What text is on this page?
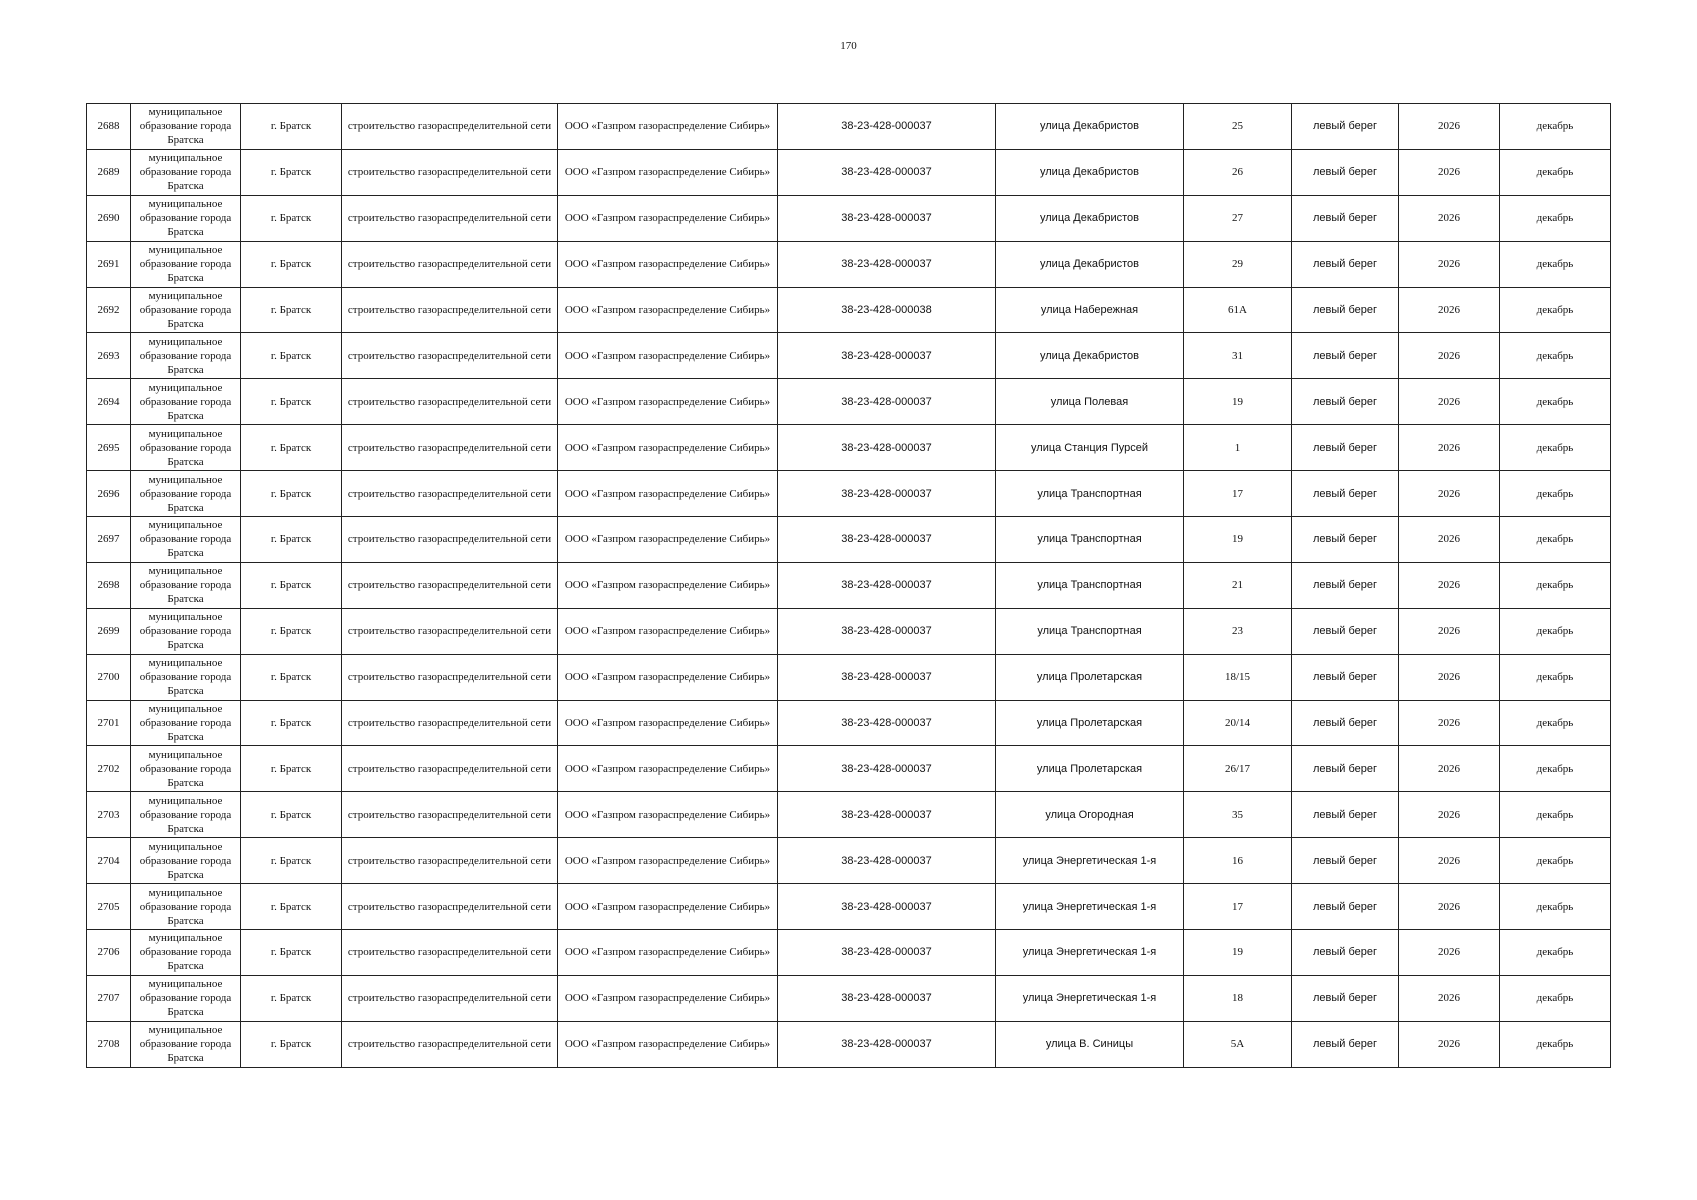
170
2688	муниципальное образование города Братска	г. Братск	строительство газораспределительной сети	ООО «Газпром газораспределение Сибирь»	38-23-428-000037	улица Декабристов	25	левый берег	2026	декабрь
2689	муниципальное образование города Братска	г. Братск	строительство газораспределительной сети	ООО «Газпром газораспределение Сибирь»	38-23-428-000037	улица Декабристов	26	левый берег	2026	декабрь
2690	муниципальное образование города Братска	г. Братск	строительство газораспределительной сети	ООО «Газпром газораспределение Сибирь»	38-23-428-000037	улица Декабристов	27	левый берег	2026	декабрь
2691	муниципальное образование города Братска	г. Братск	строительство газораспределительной сети	ООО «Газпром газораспределение Сибирь»	38-23-428-000037	улица Декабристов	29	левый берег	2026	декабрь
2692	муниципальное образование города Братска	г. Братск	строительство газораспределительной сети	ООО «Газпром газораспределение Сибирь»	38-23-428-000038	улица Набережная	61А	левый берег	2026	декабрь
2693	муниципальное образование города Братска	г. Братск	строительство газораспределительной сети	ООО «Газпром газораспределение Сибирь»	38-23-428-000037	улица Декабристов	31	левый берег	2026	декабрь
2694	муниципальное образование города Братска	г. Братск	строительство газораспределительной сети	ООО «Газпром газораспределение Сибирь»	38-23-428-000037	улица Полевая	19	левый берег	2026	декабрь
2695	муниципальное образование города Братска	г. Братск	строительство газораспределительной сети	ООО «Газпром газораспределение Сибирь»	38-23-428-000037	улица Станция Пурсей	1	левый берег	2026	декабрь
2696	муниципальное образование города Братска	г. Братск	строительство газораспределительной сети	ООО «Газпром газораспределение Сибирь»	38-23-428-000037	улица Транспортная	17	левый берег	2026	декабрь
2697	муниципальное образование города Братска	г. Братск	строительство газораспределительной сети	ООО «Газпром газораспределение Сибирь»	38-23-428-000037	улица Транспортная	19	левый берег	2026	декабрь
2698	муниципальное образование города Братска	г. Братск	строительство газораспределительной сети	ООО «Газпром газораспределение Сибирь»	38-23-428-000037	улица Транспортная	21	левый берег	2026	декабрь
2699	муниципальное образование города Братска	г. Братск	строительство газораспределительной сети	ООО «Газпром газораспределение Сибирь»	38-23-428-000037	улица Транспортная	23	левый берег	2026	декабрь
2700	муниципальное образование города Братска	г. Братск	строительство газораспределительной сети	ООО «Газпром газораспределение Сибирь»	38-23-428-000037	улица Пролетарская	18/15	левый берег	2026	декабрь
2701	муниципальное образование города Братска	г. Братск	строительство газораспределительной сети	ООО «Газпром газораспределение Сибирь»	38-23-428-000037	улица Пролетарская	20/14	левый берег	2026	декабрь
2702	муниципальное образование города Братска	г. Братск	строительство газораспределительной сети	ООО «Газпром газораспределение Сибирь»	38-23-428-000037	улица Пролетарская	26/17	левый берег	2026	декабрь
2703	муниципальное образование города Братска	г. Братск	строительство газораспределительной сети	ООО «Газпром газораспределение Сибирь»	38-23-428-000037	улица Огородная	35	левый берег	2026	декабрь
2704	муниципальное образование города Братска	г. Братск	строительство газораспределительной сети	ООО «Газпром газораспределение Сибирь»	38-23-428-000037	улица Энергетическая 1-я	16	левый берег	2026	декабрь
2705	муниципальное образование города Братска	г. Братск	строительство газораспределительной сети	ООО «Газпром газораспределение Сибирь»	38-23-428-000037	улица Энергетическая 1-я	17	левый берег	2026	декабрь
2706	муниципальное образование города Братска	г. Братск	строительство газораспределительной сети	ООО «Газпром газораспределение Сибирь»	38-23-428-000037	улица Энергетическая 1-я	19	левый берег	2026	декабрь
2707	муниципальное образование города Братска	г. Братск	строительство газораспределительной сети	ООО «Газпром газораспределение Сибирь»	38-23-428-000037	улица Энергетическая 1-я	18	левый берег	2026	декабрь
2708	муниципальное образование города Братска	г. Братск	строительство газораспределительной сети	ООО «Газпром газораспределение Сибирь»	38-23-428-000037	улица В. Синицы	5А	левый берег	2026	декабрь
